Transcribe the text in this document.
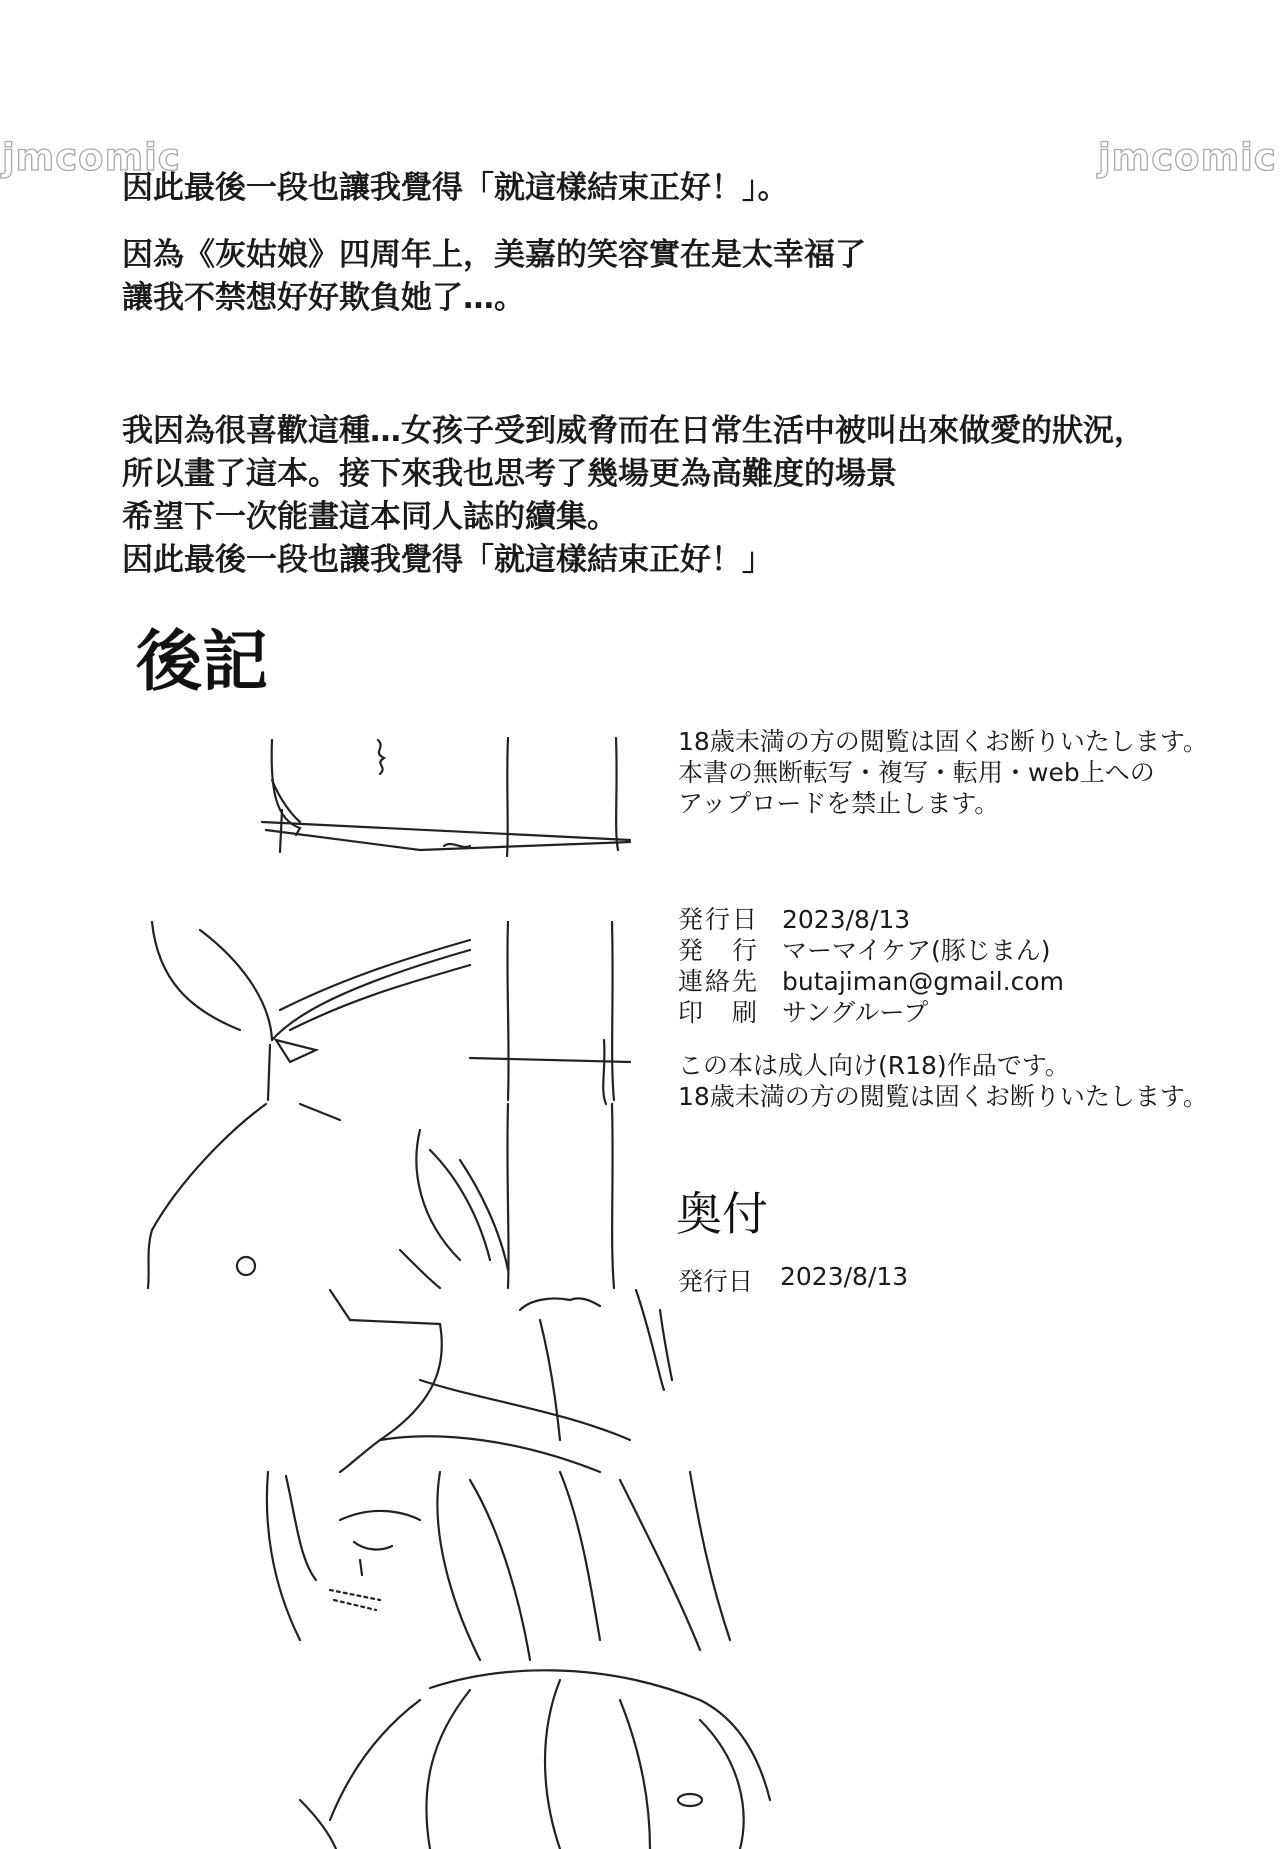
jmcomic	jmcomic

因此最後一段也讓我覺得「就這樣結束正好！」。

因為《灰姑娘》四周年上，美嘉的笑容實在是太幸福了

讓我不禁想好好欺負她了…。

我因為很喜歡這種…女孩子受到威脅而在日常生活中被叫出來做愛的狀況，

所以畫了這本。接下來我也思考了幾場更為高難度的場景

希望下一次能畫這本同人誌的續集。

因此最後一段也讓我覺得「就這樣結束正好！」

後記

18歳未満の方の閲覧は固くお断りいたします。

本書の無断転写・複写・転用・web上への

アップロードを禁止します。

発行日 2023/8/13
発　行 マーマイケア(豚じまん)
連絡先 butajiman@gmail.com
印　刷 サングループ

この本は成人向け(R18)作品です。

18歳未満の方の閲覧は固くお断りいたします。

奥付
発行日	2023/8/13
